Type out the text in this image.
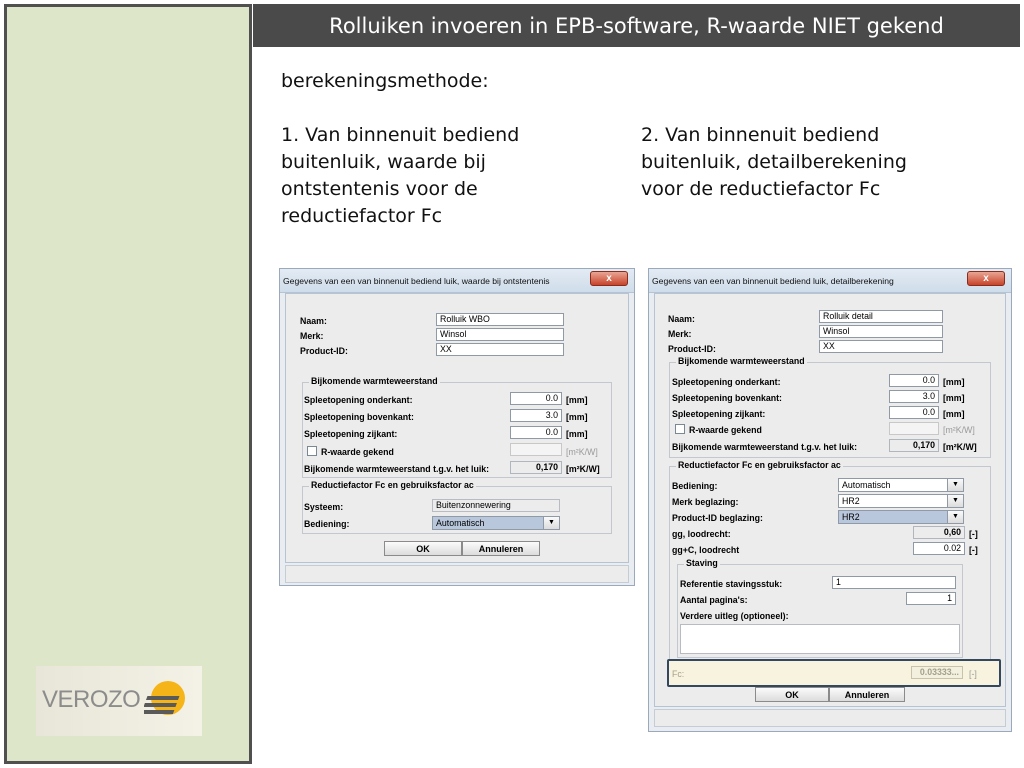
VEROZO
Rolluiken invoeren in EPB-software, R-waarde NIET gekend
berekeningsmethode:
1. Van binnenuit bediend buitenluik, waarde bij ontstentenis voor de reductiefactor Fc
2. Van binnenuit bediend buitenluik, detailberekening voor de reductiefactor Fc
Gegevens van een van binnenuit bediend luik, waarde bij ontstentenis	x
Naam:	Rolluik WBO
Merk:	Winsol
Product-ID:	XX
Bijkomende warmteweerstand
Spleetopening onderkant:	0.0 [mm]
Spleetopening bovenkant:	3.0 [mm]
Spleetopening zijkant:	0.0 [mm]
R-waarde gekend	[m²K/W]
Bijkomende warmteweerstand t.g.v. het luik:	0,170 [m²K/W]
Reductiefactor Fc en gebruiksfactor ac
Systeem:	Buitenzonnewering
Bediening:	Automatisch	▼
OK	Annuleren
Gegevens van een van binnenuit bediend luik, detailberekening	x
Naam:	Rolluik detail
Merk:	Winsol
Product-ID:	XX
Bijkomende warmteweerstand
Spleetopening onderkant:	0.0 [mm]
Spleetopening bovenkant:	3.0 [mm]
Spleetopening zijkant:	0.0 [mm]
R-waarde gekend	[m²K/W]
Bijkomende warmteweerstand t.g.v. het luik:	0,170 [m²K/W]
Reductiefactor Fc en gebruiksfactor ac
Bediening:	Automatisch	▼
Merk beglazing:	HR2	▼
Product-ID beglazing:	HR2	▼
gg, loodrecht:	0,60 [-]
gg+C, loodrecht	0.02 [-]
Staving
Referentie stavingsstuk:	1
Aantal pagina's:	1
Verdere uitleg (optioneel):
Fc:	0.03333...	[-]
OK	Annuleren
